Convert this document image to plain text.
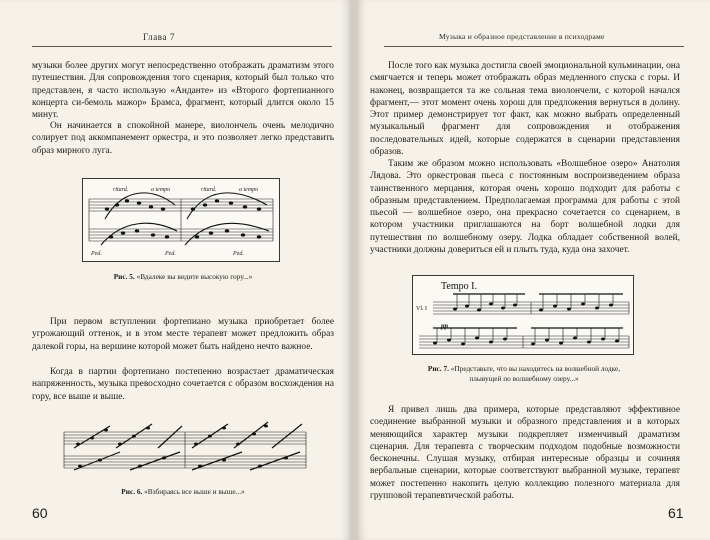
Глава 7

музыки более других могут непосредственно отображать драматизм этого путешествия. Для сопровождения того сценария, который был только что представлен, я часто использую «Анданте» из «Второго фортепианного концерта си-бемоль мажор» Брамса, фрагмент, который длится около 15 минут.

Он начинается в спокойной манере, виолончель очень мелодично солирует под аккомпанемент оркестра, и это позволяет легко представить образ мирного луга.

ritard.	a tempo	ritard.	a tempo
Ped.	Ped.	Ped.
Рис. 5. «Вдалеке вы видите высокую гору...»

При первом вступлении фортепиано музыка приобретает более угрожающий оттенок, и в этом месте терапевт может предложить образ далекой горы, на вершине которой может быть найдено нечто важное.

Когда в партии фортепиано постепенно возрастает драматическая напряженность, музыка превосходно сочетается с образом восхождения на гору, все выше и выше.

Рис. 6. «Взбираясь все выше и выше...»
60
Музыка и образное представление в психодраме

После того как музыка достигла своей эмоциональной кульминации, она смягчается и теперь может отображать образ медленного спуска с горы. И наконец, возвращается та же сольная тема виолончели, с которой начался фрагмент,— этот момент очень хорош для предложения вернуться в долину. Этот пример демонстрирует тот факт, как можно выбрать определенный музыкальный фрагмент для сопровождения и отображения последовательных идей, которые содержатся в сценарии представления образов.

Таким же образом можно использовать «Волшебное озеро» Анатолия Лядова. Это оркестровая пьеса с постоянным воспроизведением образа таинственного мерцания, которая очень хорошо подходит для работы с образным представлением. Предполагаемая программа для работы с этой пьесой — волшебное озеро, она прекрасно сочетается со сценарием, в котором участники приглашаются на борт волшебной лодки для путешествия по волшебному озеру. Лодка обладает собственной волей, участники должны довериться ей и плыть туда, куда она захочет.

Tempo I.
Vl. I
pp
Рис. 7. «Представьте, что вы находитесь на волшебной лодке,
плывущей по волшебному озеру...»

Я привел лишь два примера, которые представляют эффективное соединение выбранной музыки и образного представления и в которых меняющийся характер музыки подкрепляет изменчивый драматизм сценария. Для терапевта с творческим подходом подобные возможности бесконечны. Слушая музыку, отбирая интересные образцы и сочиняя вербальные сценарии, которые соответствуют выбранной музыке, терапевт может постепенно накопить целую коллекцию полезного материала для групповой терапевтической работы.

61
